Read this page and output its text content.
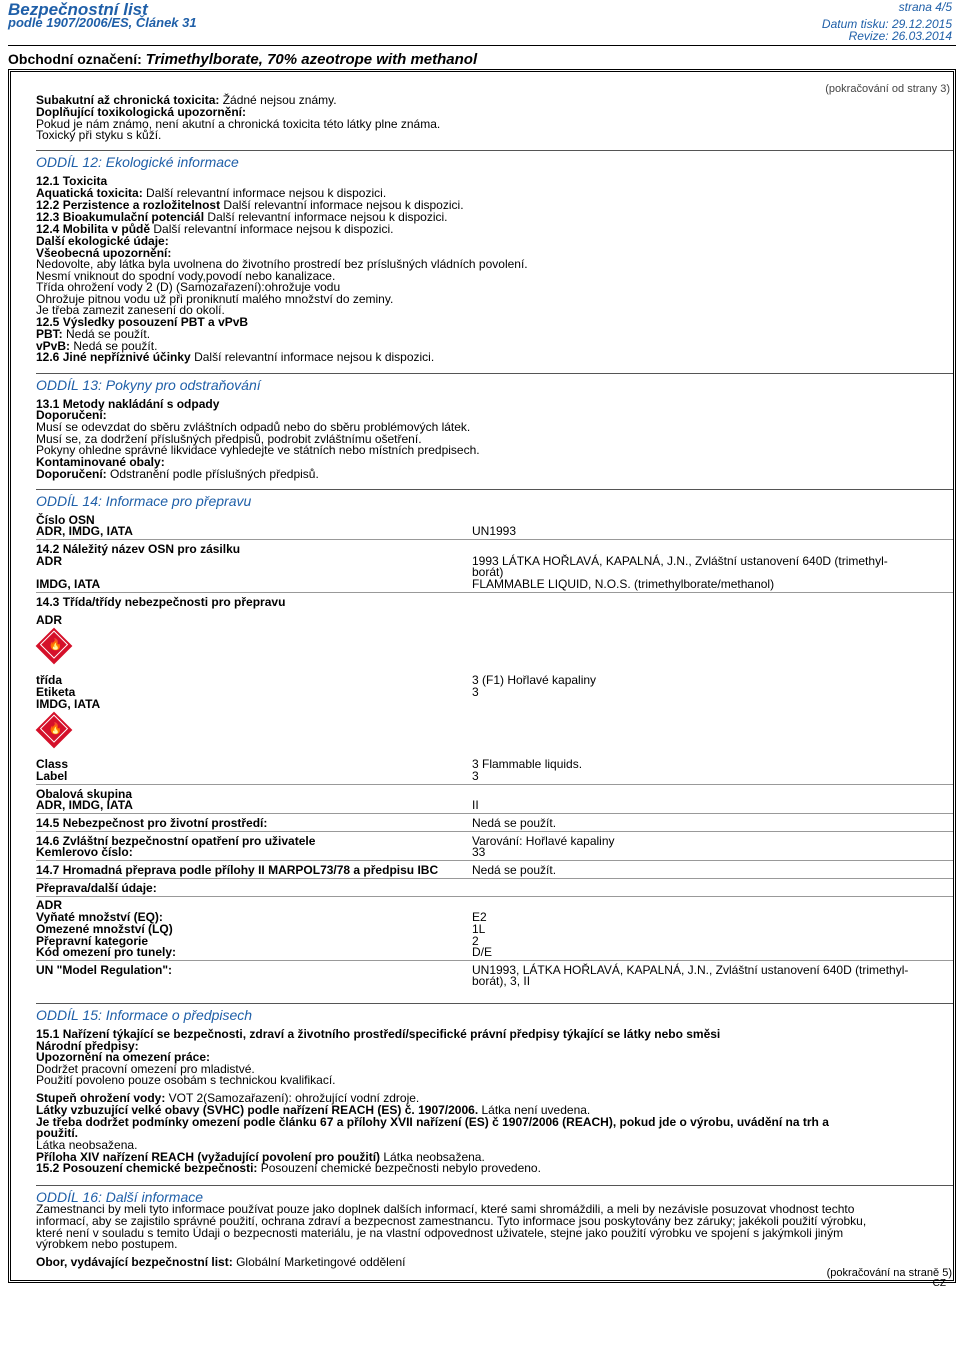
Bezpečnostní list
podle 1907/2006/ES, Článek 31
strana 4/5
Datum tisku: 29.12.2015
Revize: 26.03.2014
Obchodní označení: Trimethylborate, 70% azeotrope with methanol
(pokračování od strany 3)
Subakutní až chronická toxicita: Žádné nejsou známy.
Doplňující toxikologická upozornění:
Pokud je nám známo, není akutní a chronická toxicita této látky plne známa.
Toxický při styku s kůží.
ODDÍL 12: Ekologické informace
12.1 Toxicita
Aquatická toxicita: Další relevantní informace nejsou k dispozici.
12.2 Perzistence a rozložitelnost Další relevantní informace nejsou k dispozici.
12.3 Bioakumulační potenciál Další relevantní informace nejsou k dispozici.
12.4 Mobilita v půdě Další relevantní informace nejsou k dispozici.
Další ekologické údaje:
Všeobecná upozornění:
Nedovolte, aby látka byla uvolnena do životního prostredí bez príslušných vládních povolení.
Nesmí vniknout do spodní vody,povodí nebo kanalizace.
Třída ohrožení vody 2 (D) (Samozařazení):ohrožuje vodu
Ohrožuje pitnou vodu už při proniknutí malého množství do zeminy.
Je třeba zamezit zanesení do okolí.
12.5 Výsledky posouzení PBT a vPvB
PBT: Nedá se použít.
vPvB: Nedá se použít.
12.6 Jiné nepříznivé účinky Další relevantní informace nejsou k dispozici.
ODDÍL 13: Pokyny pro odstraňování
13.1 Metody nakládání s odpady
Doporučení:
Musí se odevzdat do sběru zvláštních odpadů nebo do sběru problémových látek.
Musí se, za dodržení příslušných předpisů, podrobit zvláštnímu ošetření.
Pokyny ohledne správné likvidace vyhledejte ve státních nebo místních predpisech.
Kontaminované obaly:
Doporučení: Odstranění podle příslušných předpisů.
ODDÍL 14: Informace pro přepravu
Číslo OSN
ADR, IMDG, IATA	UN1993
14.2 Náležitý název OSN pro zásilku
ADR	1993 LÁTKA HOŘLAVÁ, KAPALNÁ, J.N., Zvláštní ustanovení 640D (trimethyl-
borát)
IMDG, IATA	FLAMMABLE LIQUID, N.O.S. (trimethylborate/methanol)
14.3 Třída/třídy nebezpečnosti pro přepravu
ADR
🔥
třída	3 (F1) Hořlavé kapaliny
Etiketa	3
IMDG, IATA
🔥
Class	3 Flammable liquids.
Label	3
Obalová skupina
ADR, IMDG, IATA	II
14.5 Nebezpečnost pro životní prostředí:	Nedá se použít.
14.6 Zvláštní bezpečnostní opatření pro uživatele	Varování: Hořlavé kapaliny
Kemlerovo číslo:	33
14.7 Hromadná přeprava podle přílohy II MARPOL73/78 a předpisu IBC	Nedá se použít.
Přeprava/další údaje:
ADR
Vyňaté množství (EQ):	E2
Omezené množství (LQ)	1L
Přepravní kategorie	2
Kód omezení pro tunely:	D/E
UN "Model Regulation":	UN1993, LÁTKA HOŘLAVÁ, KAPALNÁ, J.N., Zvláštní ustanovení 640D (trimethyl-
borát), 3, II
ODDÍL 15: Informace o předpisech
15.1 Nařízení týkající se bezpečnosti, zdraví a životního prostředí/specifické právní předpisy týkající se látky nebo směsi
Národní předpisy:
Upozornění na omezení práce:
Dodržet pracovní omezení pro mladistvé.
Použití povoleno pouze osobám s technickou kvalifikací.
Stupeň ohrožení vody: VOT 2(Samozařazení): ohrožující vodní zdroje.
Látky vzbuzující velké obavy (SVHC) podle nařízení REACH (ES) č. 1907/2006. Látka není uvedena.
Je třeba dodržet podmínky omezení podle článku 67 a přílohy XVII nařízení (ES) č 1907/2006 (REACH), pokud jde o výrobu, uvádění na trh a
použití.
Látka neobsažena.
Příloha XIV nařízení REACH (vyžadující povolení pro použití) Látka neobsažena.
15.2 Posouzení chemické bezpečnosti: Posouzení chemické bezpečnosti nebylo provedeno.
ODDÍL 16: Další informace
Zamestnanci by meli tyto informace používat pouze jako doplnek dalších informací, které sami shromáždili, a meli by nezávisle posuzovat vhodnost techto
informací, aby se zajistilo správné použití, ochrana zdraví a bezpecnost zamestnancu. Tyto informace jsou poskytovány bez záruky; jakékoli použití výrobku,
které není v souladu s temito Údaji o bezpecnosti materiálu, je na vlastní odpovednost uživatele, stejne jako použití výrobku ve spojení s jakýmkoli jiným
výrobkem nebo postupem.
Obor, vydávající bezpečnostní list: Globální Marketingové oddělení
(pokračování na straně 5)
CZ
